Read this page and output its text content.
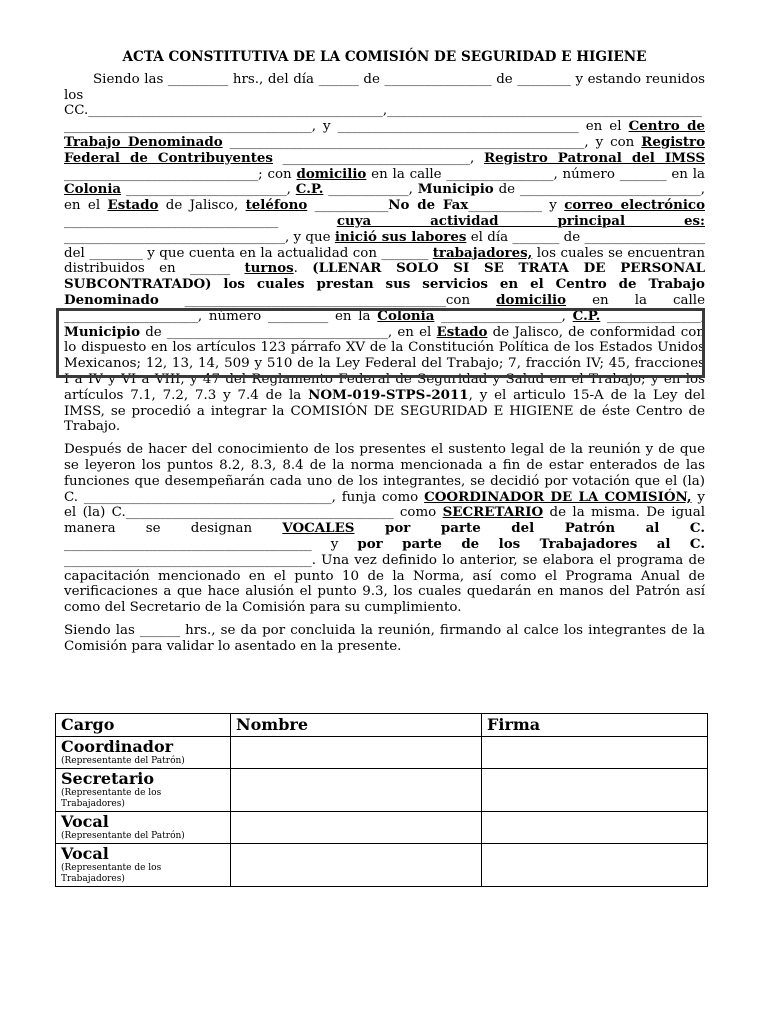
ACTA CONSTITUTIVA DE LA COMISIÓN DE SEGURIDAD E HIGIENE

Siendo las _________ hrs., del día ______ de ________________ de ________ y estando reunidos los CC.____________________________________________,_______________________________________________ _____________________________________, y ____________________________________ en el Centro de Trabajo Denominado _____________________________________________________, y con Registro Federal de Contribuyentes ____________________________, Registro Patronal del IMSS _____________________________; con domicilio en la calle ________________, número _______ en la Colonia ________________________, C.P. ____________, Municipio de ___________________________, en el Estado de Jalisco, teléfono ___________No de Fax___________ y correo electrónico ________________________________ cuya actividad principal es: _________________________________, y que inició sus labores el día _______ de __________________ del ________ y que cuenta en la actualidad con _______ trabajadores, los cuales se encuentran distribuidos en ______ turnos. (LLENAR SOLO SI SE TRATA DE PERSONAL SUBCONTRATADO) los cuales prestan sus servicios en el Centro de Trabajo Denominado _______________________________________con domicilio en la calle ____________________, número _________ en la Colonia __________________, C.P. ______________, Municipio de _________________________________, en el Estado de Jalisco, de conformidad con lo dispuesto en los artículos 123 párrafo XV de la Constitución Política de los Estados Unidos Mexicanos; 12, 13, 14, 509 y 510 de la Ley Federal del Trabajo; 7, fracción IV; 45, fracciones I a IV y VI a VIII, y 47 del Reglamento Federal de Seguridad y Salud en el Trabajo; y en los artículos 7.1, 7.2, 7.3 y 7.4 de la NOM-019-STPS-2011, y el articulo 15-A de la Ley del IMSS, se procedió a integrar la COMISIÓN DE SEGURIDAD E HIGIENE de éste Centro de Trabajo.

Después de hacer del conocimiento de los presentes el sustento legal de la reunión y de que se leyeron los puntos 8.2, 8.3, 8.4 de la norma mencionada a fin de estar enterados de las funciones que desempeñarán cada uno de los integrantes, se decidió por votación que el (la) C. _____________________________________, funja como COORDINADOR DE LA COMISIÓN, y el (la) C.________________________________________ como SECRETARIO de la misma. De igual manera se designan VOCALES por parte del Patrón al C. _____________________________________ y por parte de los Trabajadores al C. _____________________________________. Una vez definido lo anterior, se elabora el programa de capacitación mencionado en el punto 10 de la Norma, así como el Programa Anual de verificaciones a que hace alusión el punto 9.3, los cuales quedarán en manos del Patrón así como del Secretario de la Comisión para su cumplimiento.

Siendo las ______ hrs., se da por concluida la reunión, firmando al calce los integrantes de la Comisión para validar lo asentado en la presente.

Cargo	Nombre	Firma

Coordinador
(Representante del Patrón)		

Secretario
(Representante de los Trabajadores)		

Vocal
(Representante del Patrón)		

Vocal
(Representante de los Trabajadores)		
